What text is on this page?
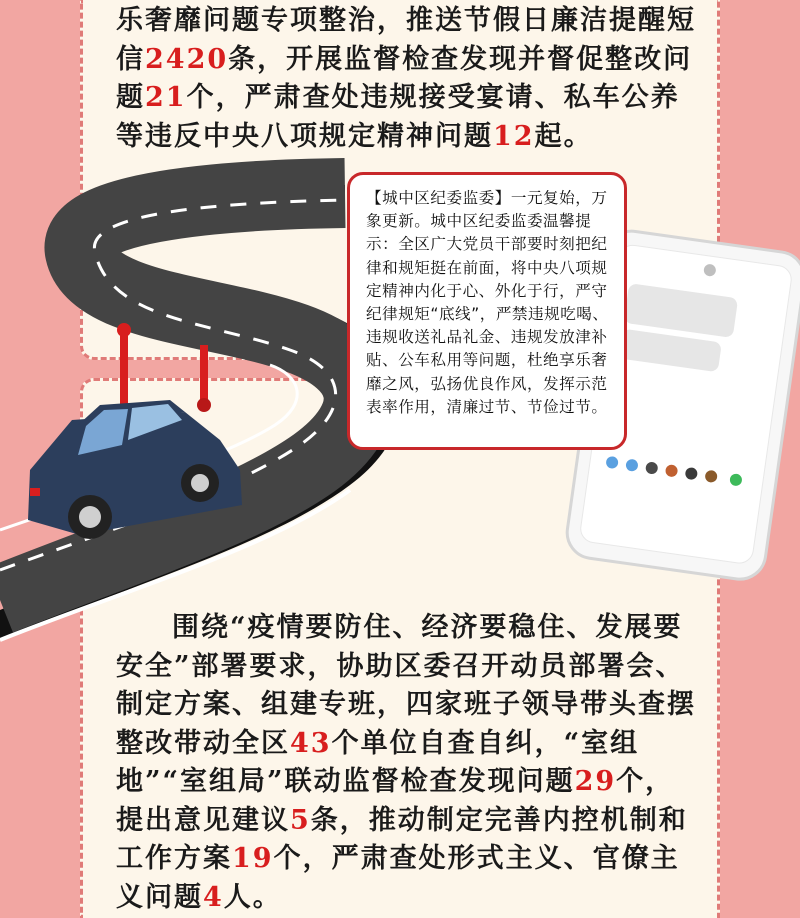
乐奢靡问题专项整治，推送节假日廉洁提醒短信2420条，开展监督检查发现并督促整改问题21个，严肃查处违规接受宴请、私车公养等违反中央八项规定精神问题12起。

【城中区纪委监委】一元复始，万象更新。城中区纪委监委温馨提示：全区广大党员干部要时刻把纪律和规矩挺在前面，将中央八项规定精神内化于心、外化于行，严守纪律规矩“底线”，严禁违规吃喝、违规收送礼品礼金、违规发放津补贴、公车私用等问题，杜绝享乐奢靡之风，弘扬优良作风，发挥示范表率作用，清廉过节、节俭过节。

围绕“疫情要防住、经济要稳住、发展要安全”部署要求，协助区委召开动员部署会、制定方案、组建专班，四家班子领导带头查摆整改带动全区43个单位自查自纠，“室组地”“室组局”联动监督检查发现问题29个，提出意见建议5条，推动制定完善内控机制和工作方案19个，严肃查处形式主义、官僚主义问题4人。
